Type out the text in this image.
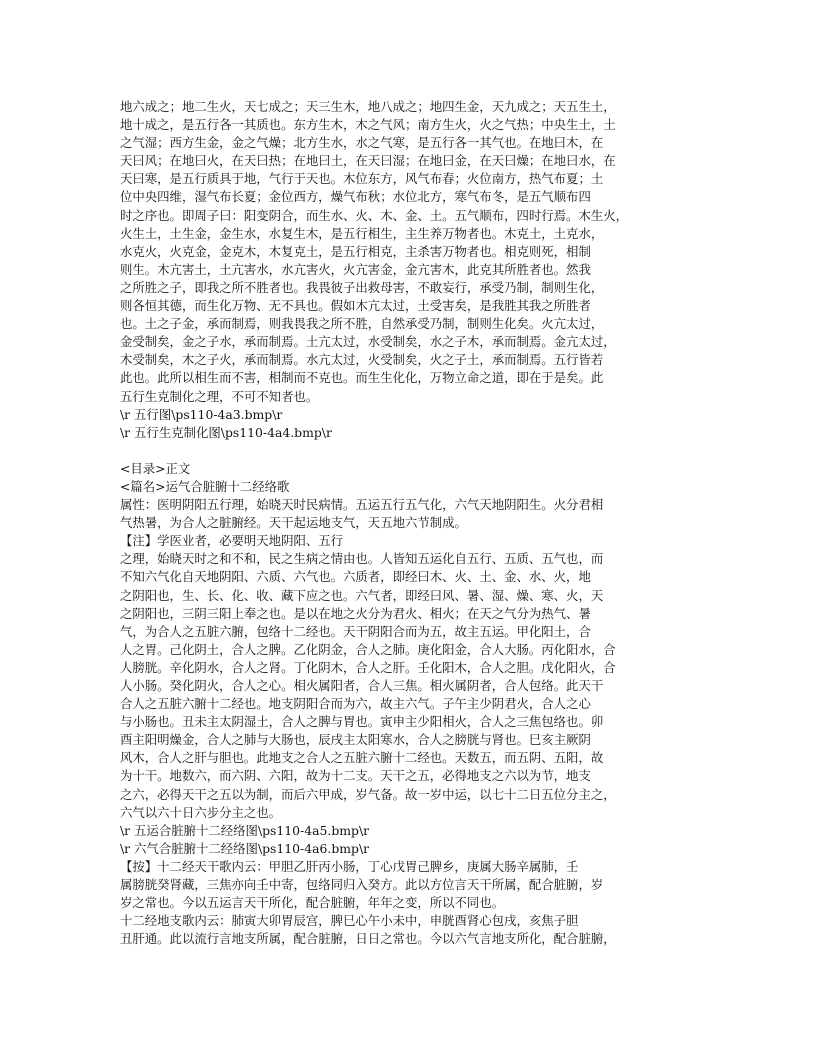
地六成之；地二生火，天七成之；天三生木，地八成之；地四生金，天九成之；天五生土，
地十成之，是五行各一其质也。东方生木，木之气风；南方生火，火之气热；中央生土，土
之气湿；西方生金，金之气燥；北方生水，水之气寒，是五行各一其气也。在地曰木，在
天曰风；在地曰火，在天曰热；在地曰土，在天曰湿；在地曰金，在天曰燥；在地曰水，在
天曰寒，是五行质具于地，气行于天也。木位东方，风气布春；火位南方，热气布夏；土
位中央四维，湿气布长夏；金位西方，燥气布秋；水位北方，寒气布冬，是五气顺布四
时之序也。即周子曰：阳变阴合，而生水、火、木、金、土。五气顺布，四时行焉。木生火，
火生土，土生金，金生水，水复生木，是五行相生，主生养万物者也。木克土，土克水，
水克火，火克金，金克木，木复克土，是五行相克，主杀害万物者也。相克则死，相制
则生。木亢害土，土亢害水，水亢害火，火亢害金，金亢害木，此克其所胜者也。然我
之所胜之子，即我之所不胜者也。我畏彼子出救母害，不敢妄行，承受乃制，制则生化，
则各恒其德，而生化万物、无不具也。假如木亢太过，土受害矣，是我胜其我之所胜者
也。土之子金，承而制焉，则我畏我之所不胜，自然承受乃制，制则生化矣。火亢太过，
金受制矣，金之子水，承而制焉。土亢太过，水受制矣，水之子木，承而制焉。金亢太过，
木受制矣，木之子火，承而制焉。水亢太过，火受制矣，火之子土，承而制焉。五行皆若
此也。此所以相生而不害，相制而不克也。而生生化化，万物立命之道，即在于是矣。此
五行生克制化之理，不可不知者也。
\r 五行图\ps110-4a3.bmp\r
\r 五行生克制化图\ps110-4a4.bmp\r
<目录>正文
<篇名>运气合脏腑十二经络歌
属性：医明阴阳五行理，始晓天时民病情。五运五行五气化，六气天地阴阳生。火分君相
气热暑，为合人之脏腑经。天干起运地支气，天五地六节制成。
【注】学医业者，必要明天地阴阳、五行
之理，始晓天时之和不和，民之生病之情由也。人皆知五运化自五行、五质、五气也，而
不知六气化自天地阴阳、六质、六气也。六质者，即经曰木、火、土、金、水、火，地
之阴阳也，生、长、化、收、藏下应之也。六气者，即经曰风、暑、湿、燥、寒、火，天
之阴阳也，三阴三阳上奉之也。是以在地之火分为君火、相火；在天之气分为热气、暑
气，为合人之五脏六腑，包络十二经也。天干阴阳合而为五，故主五运。甲化阳土，合
人之胃。己化阴土，合人之脾。乙化阴金，合人之肺。庚化阳金，合人大肠。丙化阳水，合
人膀胱。辛化阴水，合人之肾。丁化阴木，合人之肝。壬化阳木，合人之胆。戊化阳火，合
人小肠。癸化阴火，合人之心。相火属阳者，合人三焦。相火属阴者，合人包络。此天干
合人之五脏六腑十二经也。地支阴阳合而为六，故主六气。子午主少阴君火，合人之心
与小肠也。丑未主太阴湿土，合人之脾与胃也。寅申主少阳相火，合人之三焦包络也。卯
酉主阳明燥金，合人之肺与大肠也，辰戌主太阳寒水，合人之膀胱与肾也。巳亥主厥阴
风木，合人之肝与胆也。此地支之合人之五脏六腑十二经也。天数五，而五阴、五阳，故
为十干。地数六，而六阴、六阳，故为十二支。天干之五，必得地支之六以为节，地支
之六，必得天干之五以为制，而后六甲成，岁气备。故一岁中运，以七十二日五位分主之，
六气以六十日六步分主之也。
\r 五运合脏腑十二经络图\ps110-4a5.bmp\r
\r 六气合脏腑十二经络图\ps110-4a6.bmp\r
【按】十二经天干歌内云：甲胆乙肝丙小肠，丁心戊胃己脾乡，庚属大肠辛属肺，壬
属膀胱癸肾藏，三焦亦向壬中寄，包络同归入癸方。此以方位言天干所属，配合脏腑，岁
岁之常也。今以五运言天干所化，配合脏腑，年年之变，所以不同也。
十二经地支歌内云：肺寅大卯胃辰宫，脾巳心午小未中，申胱酉肾心包戌，亥焦子胆
丑肝通。此以流行言地支所属，配合脏腑，日日之常也。今以六气言地支所化，配合脏腑，
